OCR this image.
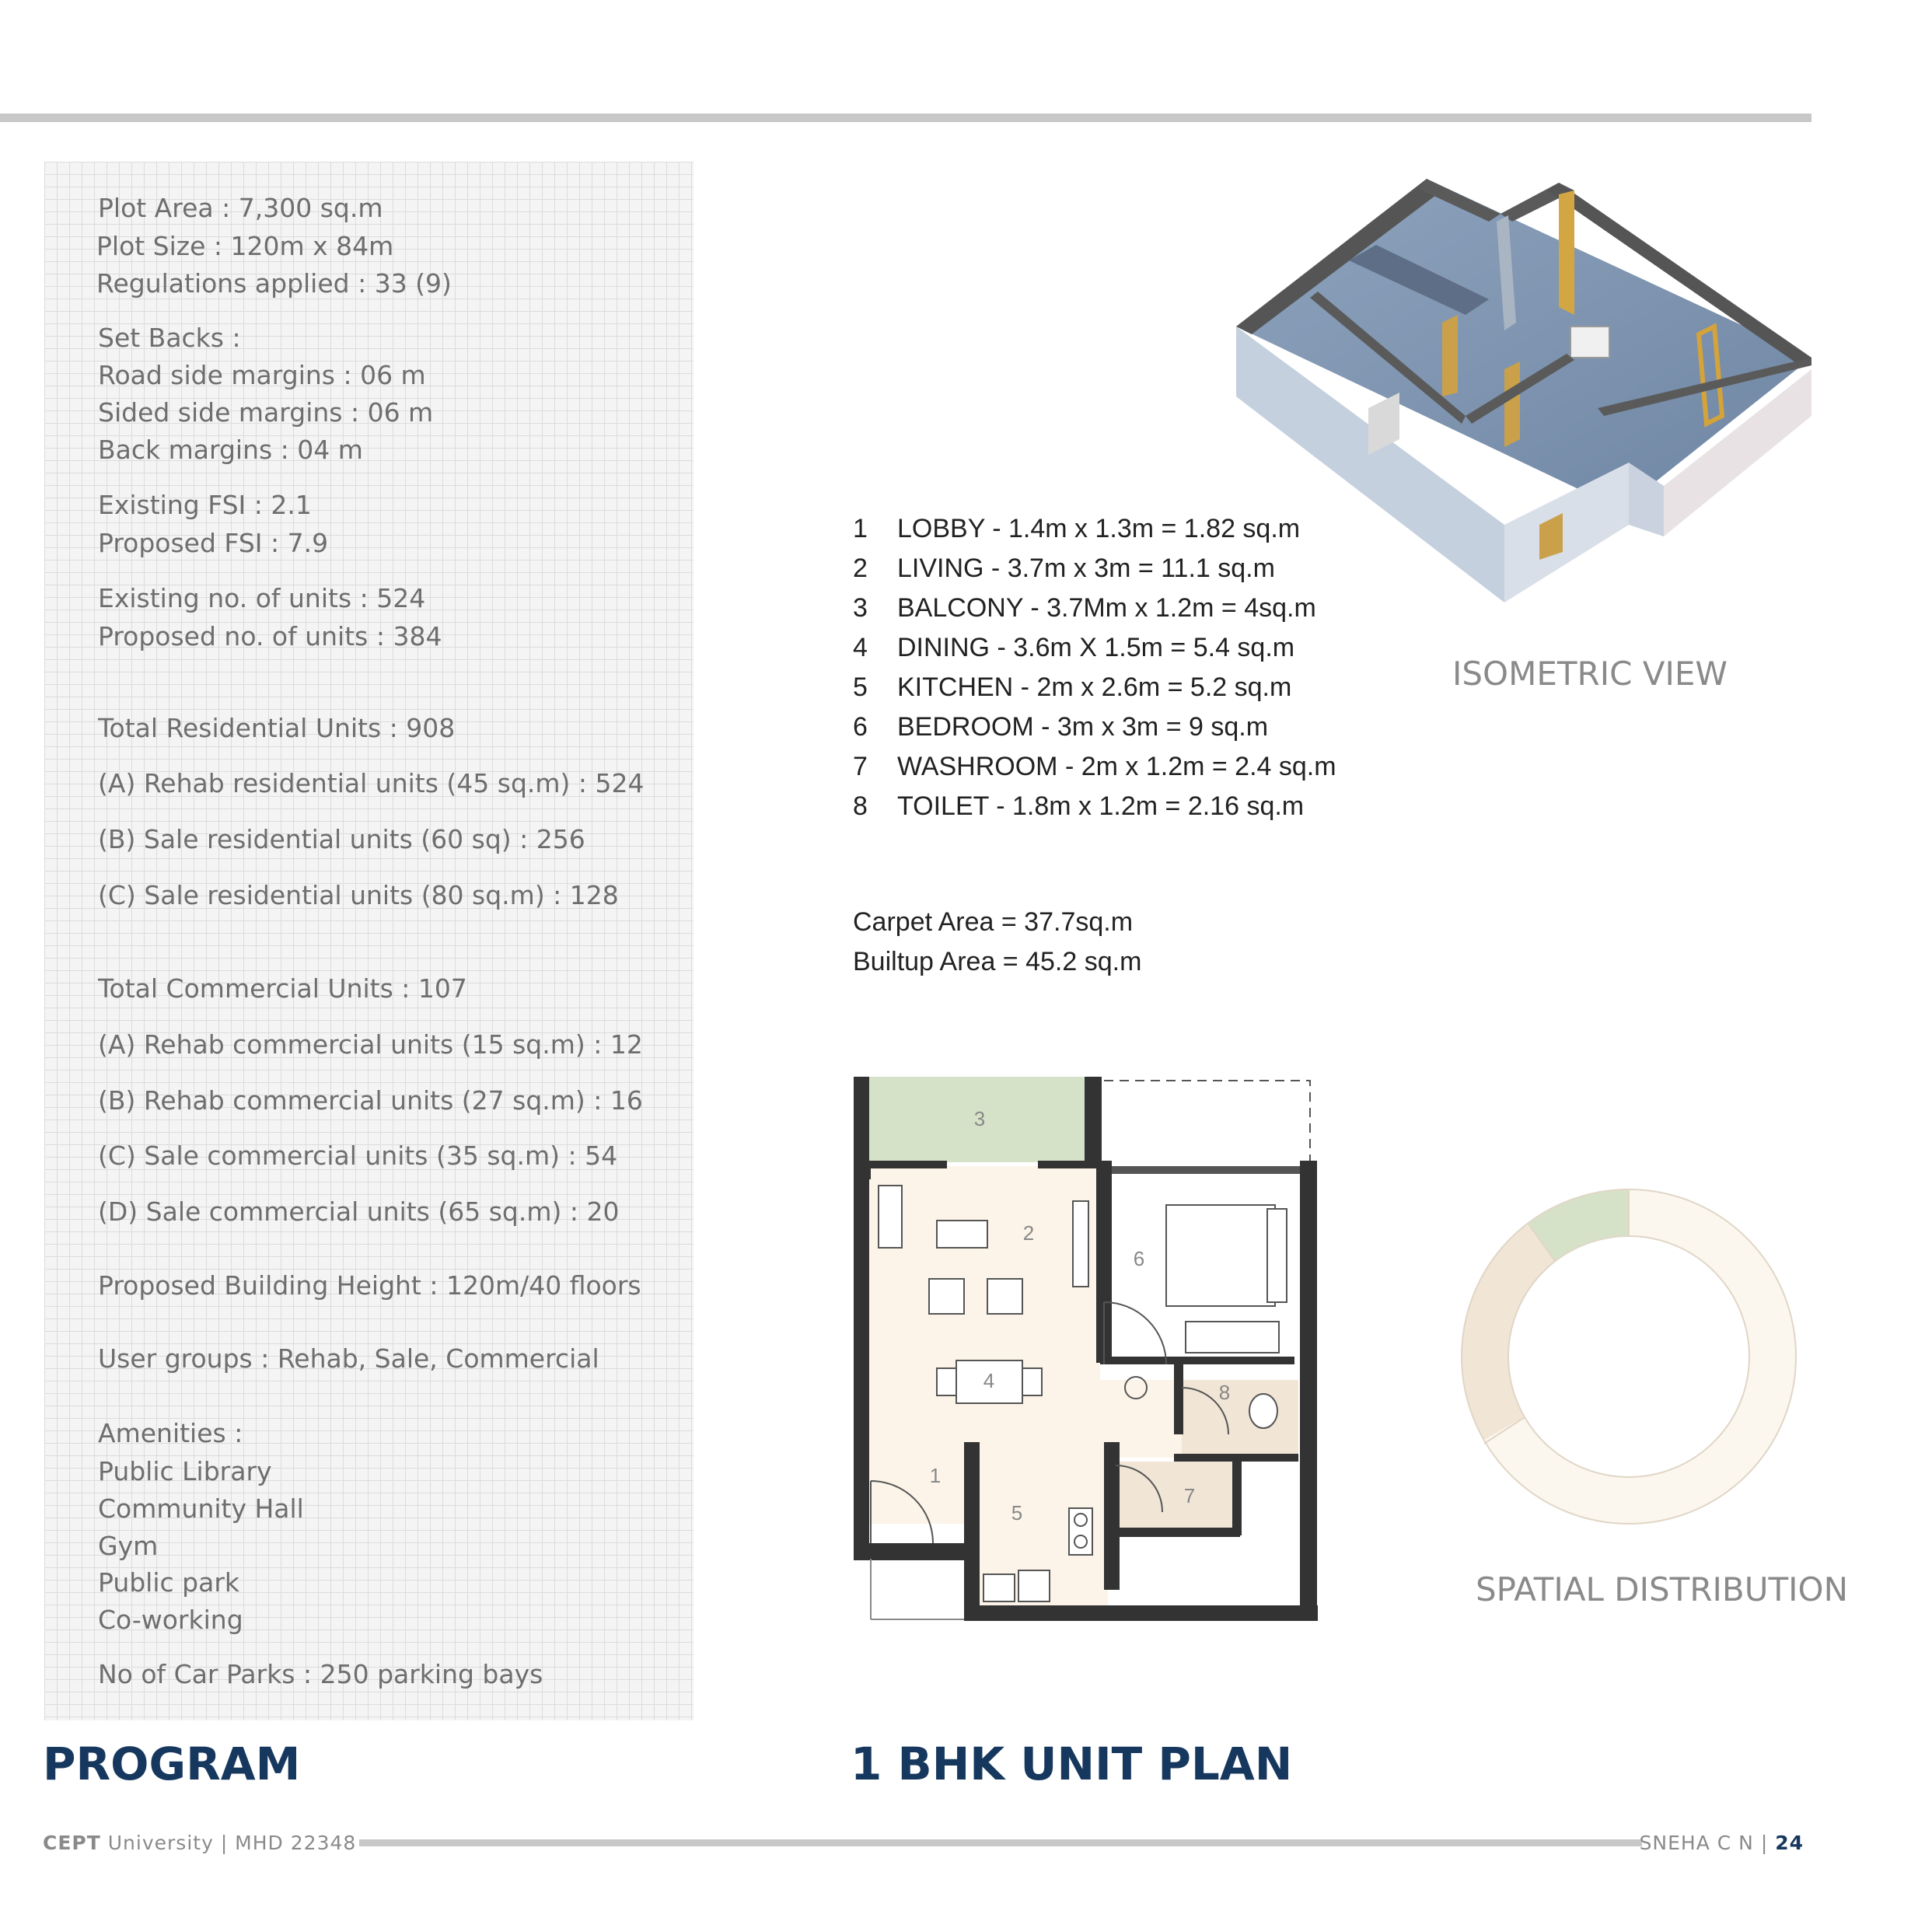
Plot Area : 7,300 sq.m
Plot Size : 120m x 84m
Regulations applied : 33 (9)
Set Backs :
Road side margins : 06 m
Sided side margins : 06 m
Back margins : 04 m
Existing FSI : 2.1
Proposed FSI : 7.9
Existing no. of units : 524
Proposed no. of units : 384
Total Residential Units : 908
(A) Rehab residential units (45 sq.m) : 524
(B) Sale residential units (60 sq) : 256
(C) Sale residential units (80 sq.m) : 128
Total Commercial Units : 107
(A) Rehab commercial units (15 sq.m) : 12
(B) Rehab commercial units (27 sq.m) : 16
(C) Sale commercial units (35 sq.m) : 54
(D) Sale commercial units (65 sq.m) : 20
Proposed Building Height : 120m/40 floors
User groups : Rehab, Sale, Commercial
Amenities :
Public Library
Community Hall
Gym
Public park
Co-working
No of Car Parks : 250 parking bays
PROGRAM	1 BHK UNIT PLAN
1 LOBBY - 1.4m x 1.3m = 1.82 sq.m
2 LIVING - 3.7m x 3m = 11.1 sq.m
3 BALCONY - 3.7Mm x 1.2m = 4sq.m
4 DINING - 3.6m X 1.5m = 5.4 sq.m
5 KITCHEN - 2m x 2.6m = 5.2 sq.m
6 BEDROOM - 3m x 3m = 9 sq.m
7 WASHROOM - 2m x 1.2m = 2.4 sq.m
8 TOILET - 1.8m x 1.2m = 2.16 sq.m
ISOMETRIC VIEW
Carpet Area = 37.7sq.m
Builtup Area = 45.2 sq.m
3
2
6
4	8
1
7
5
SPATIAL DISTRIBUTION
CEPT University | MHD 22348	SNEHA C N | 24
